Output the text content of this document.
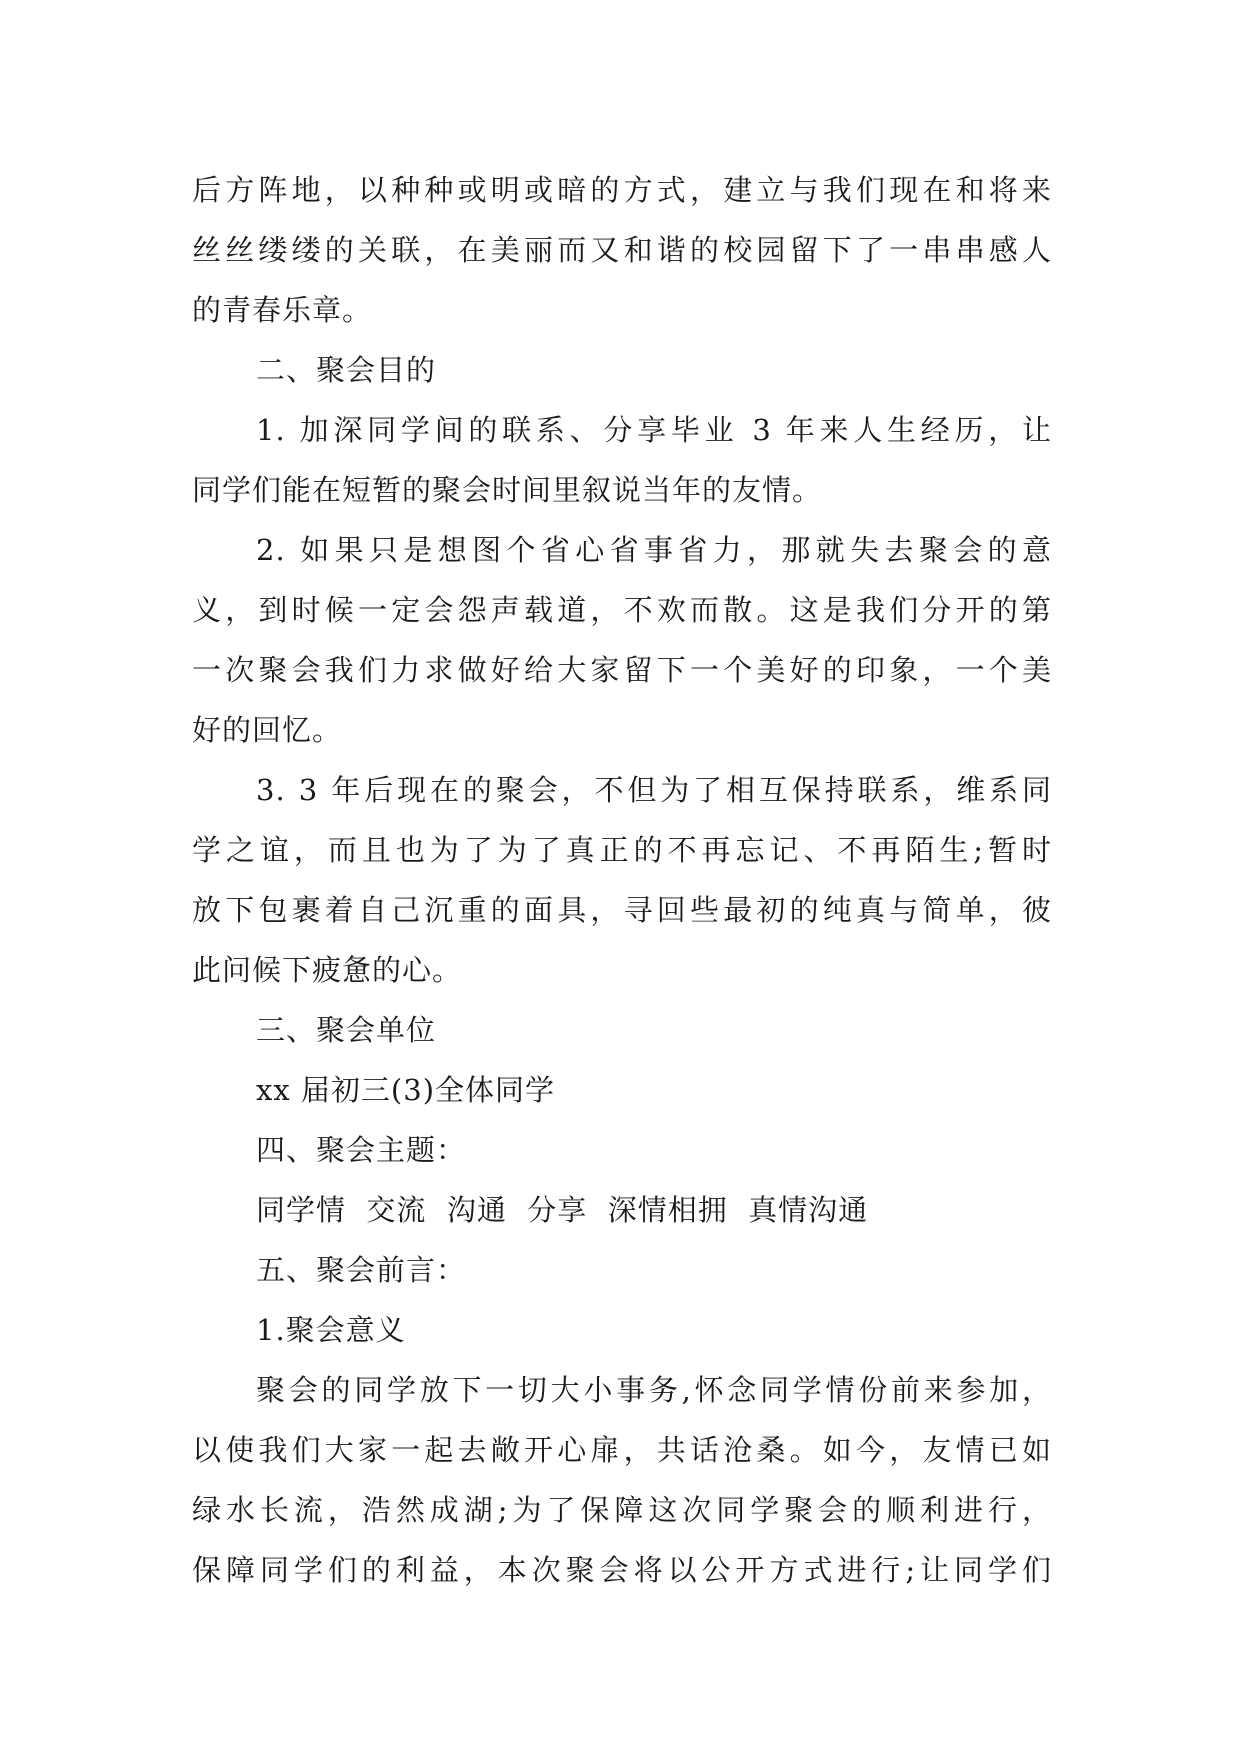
后方阵地，以种种或明或暗的方式，建立与我们现在和将来
丝丝缕缕的关联，在美丽而又和谐的校园留下了一串串感人
的青春乐章。
二、聚会目的
1. 加深同学间的联系、分享毕业 3 年来人生经历，让
同学们能在短暂的聚会时间里叙说当年的友情。
2. 如果只是想图个省心省事省力，那就失去聚会的意
义，到时候一定会怨声载道，不欢而散。这是我们分开的第
一次聚会我们力求做好给大家留下一个美好的印象，一个美
好的回忆。
3. 3 年后现在的聚会，不但为了相互保持联系，维系同
学之谊，而且也为了为了真正的不再忘记、不再陌生;暂时
放下包裹着自己沉重的面具，寻回些最初的纯真与简单，彼
此问候下疲惫的心。
三、聚会单位
xx 届初三(3)全体同学
四、聚会主题：
同学情  交流  沟通  分享  深情相拥  真情沟通
五、聚会前言：
1.聚会意义
聚会的同学放下一切大小事务,怀念同学情份前来参加，
以使我们大家一起去敞开心扉，共话沧桑。如今，友情已如
绿水长流，浩然成湖;为了保障这次同学聚会的顺利进行，
保障同学们的利益，本次聚会将以公开方式进行;让同学们
